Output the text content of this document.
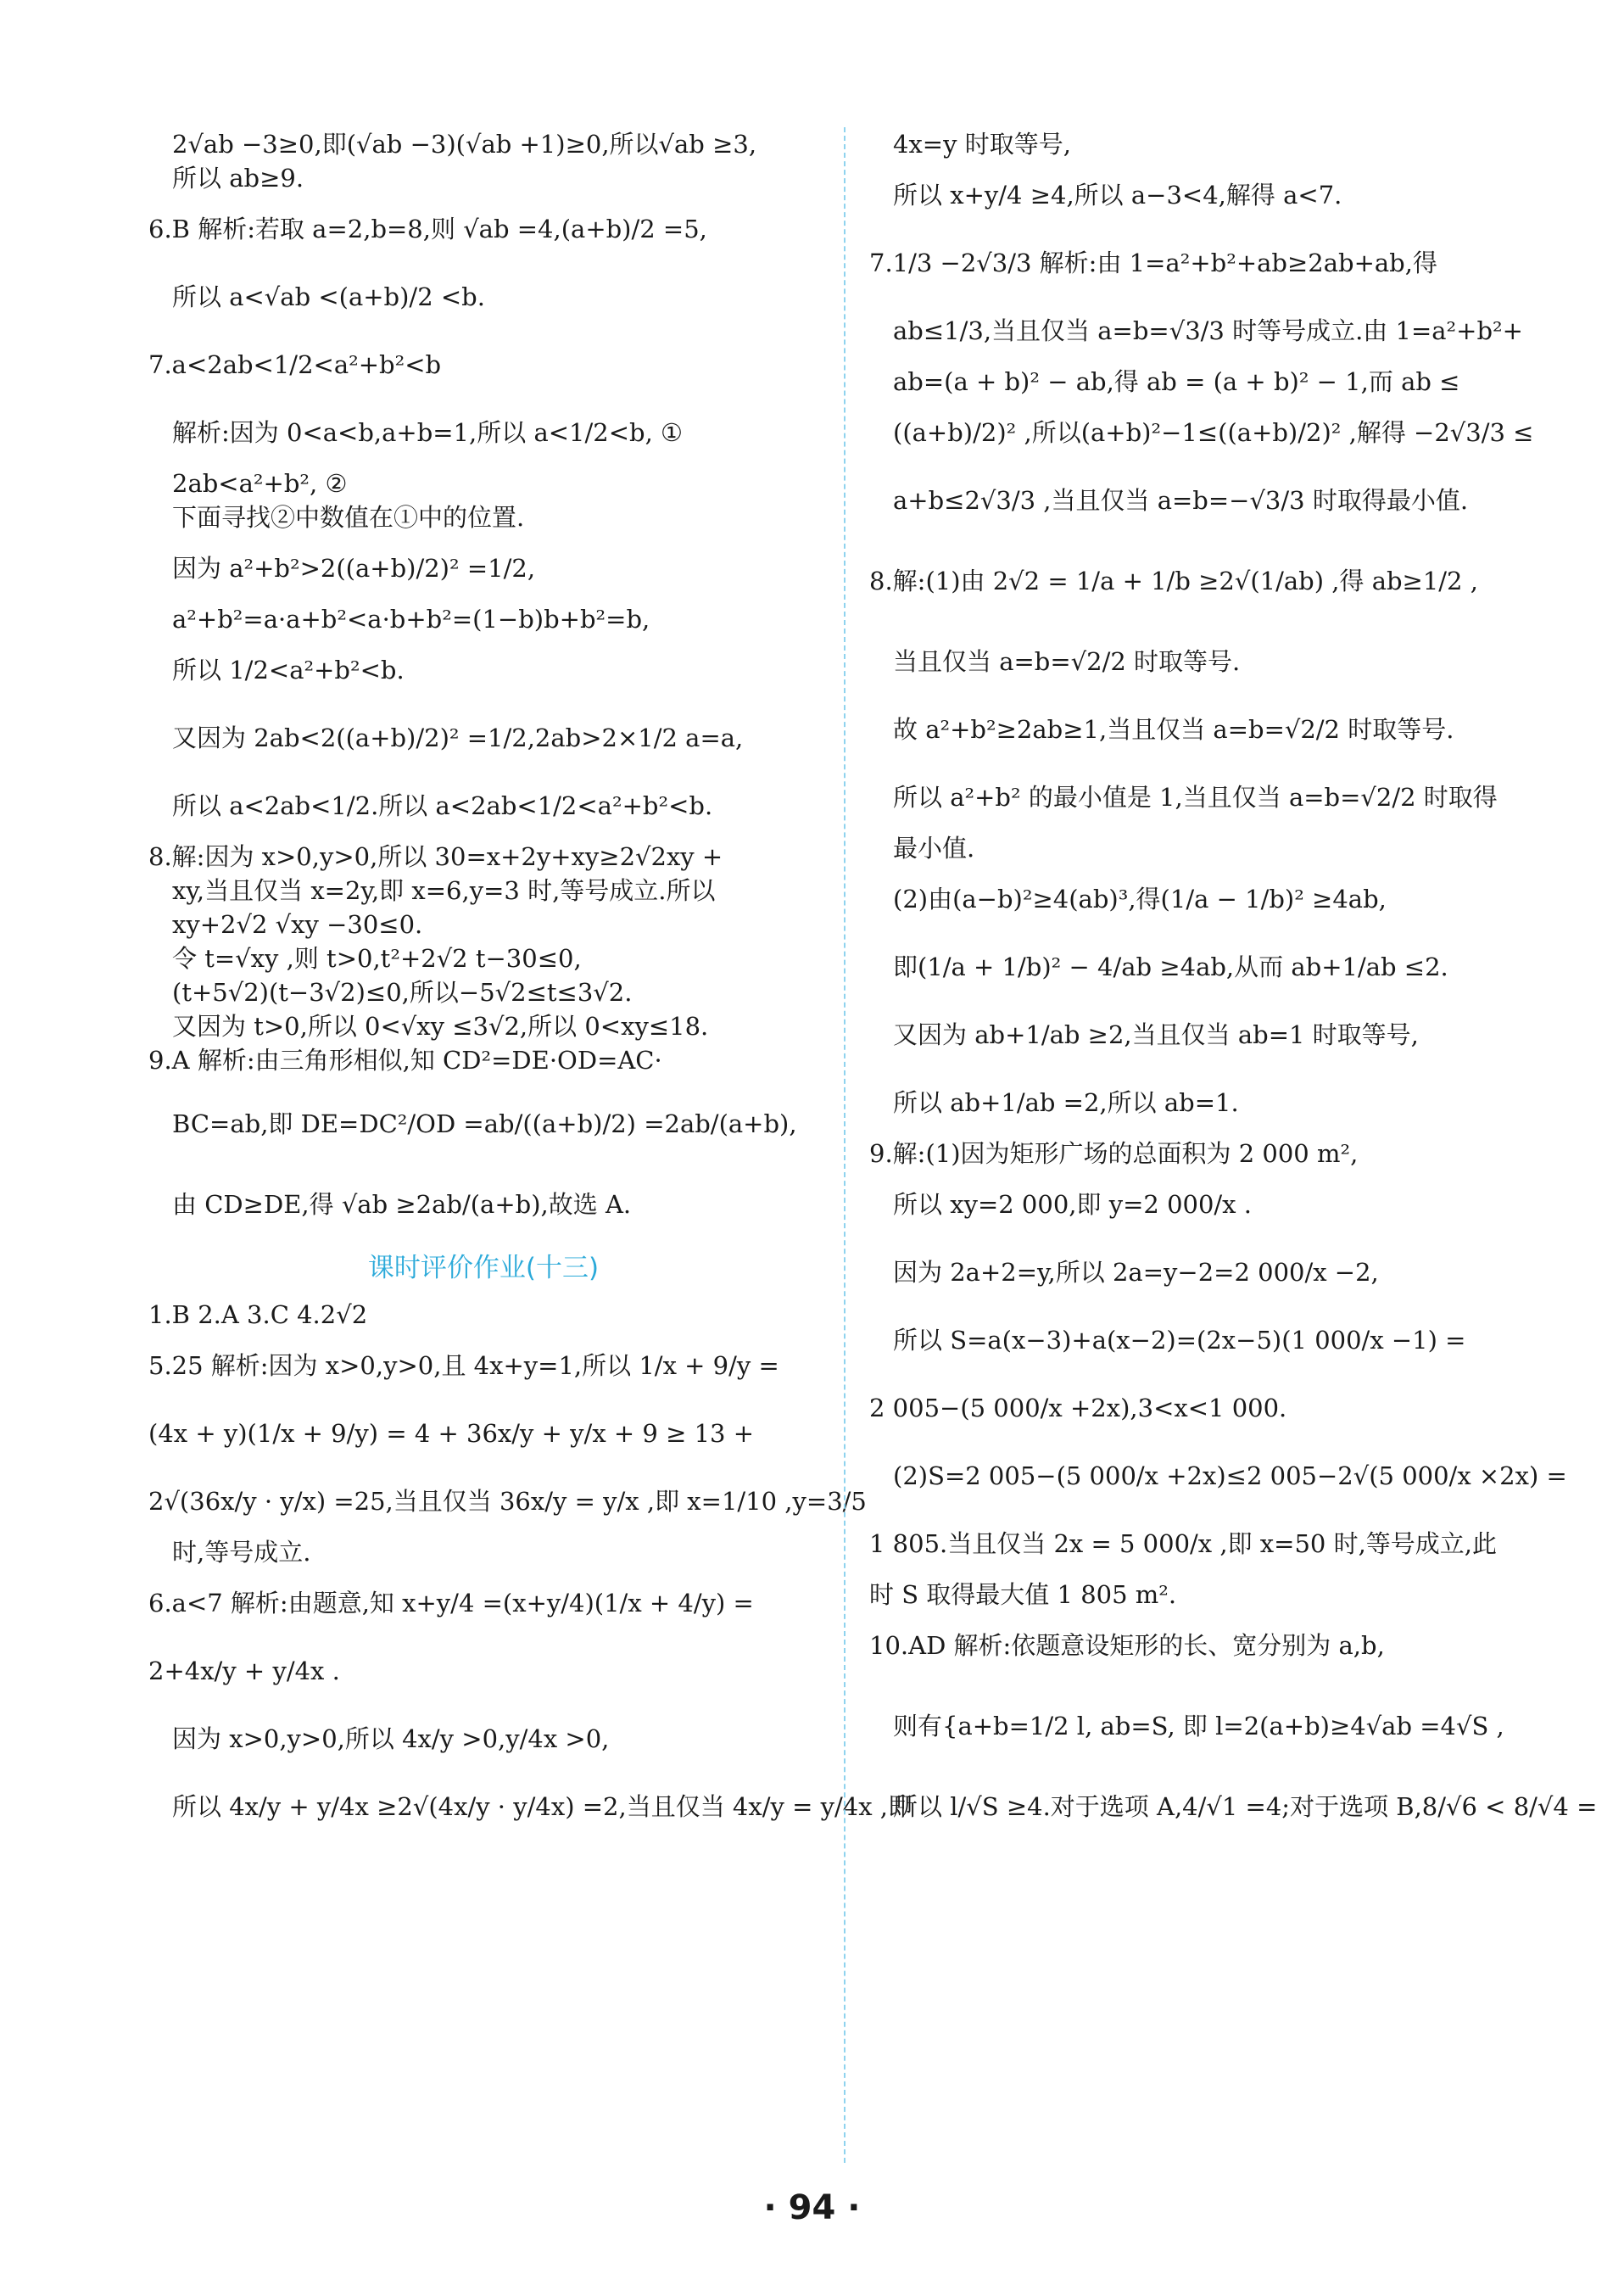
2√ab −3≥0,即(√ab −3)(√ab +1)≥0,所以√ab ≥3,
所以 ab≥9.
6.B 解析:若取 a=2,b=8,则 √ab =4,(a+b)/2 =5,
所以 a<√ab <(a+b)/2 <b.
7.a<2ab<1/2<a²+b²<b
解析:因为 0<a<b,a+b=1,所以 a<1/2<b, ①
2ab<a²+b², ②
下面寻找②中数值在①中的位置.
因为 a²+b²>2((a+b)/2)² =1/2,
a²+b²=a·a+b²<a·b+b²=(1−b)b+b²=b,
所以 1/2<a²+b²<b.
又因为 2ab<2((a+b)/2)² =1/2,2ab>2×1/2 a=a,
所以 a<2ab<1/2.所以 a<2ab<1/2<a²+b²<b.
8.解:因为 x>0,y>0,所以 30=x+2y+xy≥2√2xy +
xy,当且仅当 x=2y,即 x=6,y=3 时,等号成立.所以
xy+2√2 √xy −30≤0.
令 t=√xy ,则 t>0,t²+2√2 t−30≤0,
(t+5√2)(t−3√2)≤0,所以−5√2≤t≤3√2.
又因为 t>0,所以 0<√xy ≤3√2,所以 0<xy≤18.
9.A 解析:由三角形相似,知 CD²=DE·OD=AC·
BC=ab,即 DE=DC²/OD =ab/((a+b)/2) =2ab/(a+b),
由 CD≥DE,得 √ab ≥2ab/(a+b),故选 A.
课时评价作业(十三)
1.B 2.A 3.C 4.2√2
5.25 解析:因为 x>0,y>0,且 4x+y=1,所以 1/x + 9/y =
(4x + y)(1/x + 9/y) = 4 + 36x/y + y/x + 9 ≥ 13 +
2√(36x/y · y/x) =25,当且仅当 36x/y = y/x ,即 x=1/10 ,y=3/5
时,等号成立.
6.a<7 解析:由题意,知 x+y/4 =(x+y/4)(1/x + 4/y) =
2+4x/y + y/4x .
因为 x>0,y>0,所以 4x/y >0,y/4x >0,
所以 4x/y + y/4x ≥2√(4x/y · y/4x) =2,当且仅当 4x/y = y/4x ,即
4x=y 时取等号,
所以 x+y/4 ≥4,所以 a−3<4,解得 a<7.
7.1/3 −2√3/3 解析:由 1=a²+b²+ab≥2ab+ab,得
ab≤1/3,当且仅当 a=b=√3/3 时等号成立.由 1=a²+b²+
ab=(a + b)² − ab,得 ab = (a + b)² − 1,而 ab ≤
((a+b)/2)² ,所以(a+b)²−1≤((a+b)/2)² ,解得 −2√3/3 ≤
a+b≤2√3/3 ,当且仅当 a=b=−√3/3 时取得最小值.
8.解:(1)由 2√2 = 1/a + 1/b ≥2√(1/ab) ,得 ab≥1/2 ,
当且仅当 a=b=√2/2 时取等号.
故 a²+b²≥2ab≥1,当且仅当 a=b=√2/2 时取等号.
所以 a²+b² 的最小值是 1,当且仅当 a=b=√2/2 时取得
最小值.
(2)由(a−b)²≥4(ab)³,得(1/a − 1/b)² ≥4ab,
即(1/a + 1/b)² − 4/ab ≥4ab,从而 ab+1/ab ≤2.
又因为 ab+1/ab ≥2,当且仅当 ab=1 时取等号,
所以 ab+1/ab =2,所以 ab=1.
9.解:(1)因为矩形广场的总面积为 2 000 m²,
所以 xy=2 000,即 y=2 000/x .
因为 2a+2=y,所以 2a=y−2=2 000/x −2,
所以 S=a(x−3)+a(x−2)=(2x−5)(1 000/x −1) =
2 005−(5 000/x +2x),3<x<1 000.
(2)S=2 005−(5 000/x +2x)≤2 005−2√(5 000/x ×2x) =
1 805.当且仅当 2x = 5 000/x ,即 x=50 时,等号成立,此
时 S 取得最大值 1 805 m².
10.AD 解析:依题意设矩形的长、宽分别为 a,b,
则有{a+b=1/2 l, ab=S, 即 l=2(a+b)≥4√ab =4√S ,
所以 l/√S ≥4.对于选项 A,4/√1 =4;对于选项 B,8/√6 < 8/√4 =
· 94 ·
